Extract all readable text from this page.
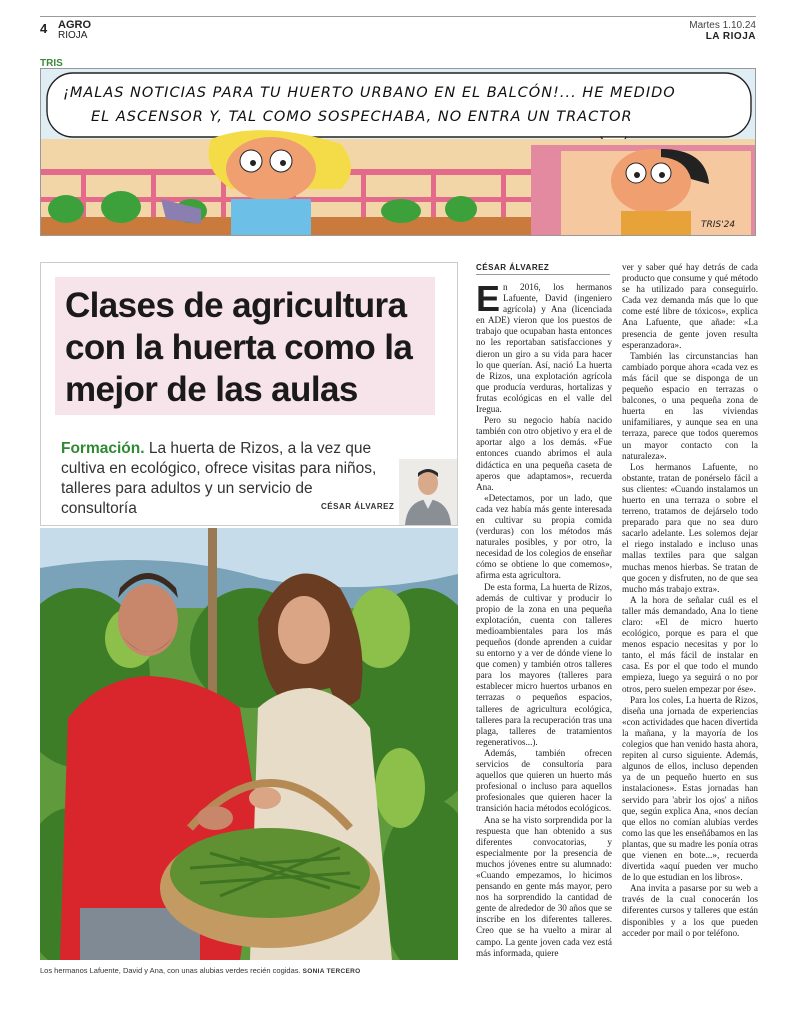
4 AGRO
RIOJA
Martes 1.10.24
LA RIOJA
TRIS
¡MALAS NOTICIAS PARA TU HUERTO URBANO EN EL BALCÓN!... HE MEDIDO
EL ASCENSOR Y, TAL COMO SOSPECHABA, NO ENTRA UN TRACTOR
TRIS'24
Clases de agricultura con la huerta como la mejor de las aulas

Formación. La huerta de Rizos, a la vez que cultiva en ecológico, ofrece visitas para niños, talleres para adultos y un servicio de consultoría	CÉSAR ÁLVAREZ

Los hermanos Lafuente, David y Ana, con unas alubias verdes recién cogidas. SONIA TERCERO

CÉSAR ÁLVAREZ

En 2016, los hermanos Lafuente, David (ingeniero agrícola) y Ana (licenciada en ADE) vieron que los puestos de trabajo que ocupaban hasta entonces no les reportaban satisfacciones y dieron un giro a su vida para hacer lo que querían. Así, nació La huerta de Rizos, una explotación agrícola que producía verduras, hortalizas y frutas ecológicas en el valle del Iregua.

Pero su negocio había nacido también con otro objetivo y era el de aportar algo a los demás. «Fue entonces cuando abrimos el aula didáctica en una pequeña caseta de aperos que adaptamos», recuerda Ana.

«Detectamos, por un lado, que cada vez había más gente interesada en cultivar su propia comida (verduras) con los métodos más naturales posibles, y por otro, la necesidad de los colegios de enseñar cómo se obtiene lo que comemos», afirma esta agricultora.

De esta forma, La huerta de Rizos, además de cultivar y producir lo propio de la zona en una pequeña explotación, cuenta con talleres medioambientales para los más pequeños (donde aprenden a cuidar su entorno y a ver de dónde viene lo que comen) y también otros talleres para los mayores (talleres para establecer micro huertos urbanos en terrazas o pequeños espacios, talleres de agricultura ecológica, talleres para la recuperación tras una plaga, talleres de tratamientos regenerativos...).

Además, también ofrecen servicios de consultoría para aquellos que quieren un huerto más profesional o incluso para aquellos profesionales que quieren hacer la transición hacia métodos ecológicos.

Ana se ha visto sorprendida por la respuesta que han obtenido a sus diferentes convocatorias, y especialmente por la presencia de muchos jóvenes entre su alumnado: «Cuando empezamos, lo hicimos pensando en gente más mayor, pero nos ha sorprendido la cantidad de gente de alrededor de 30 años que se inscribe en los diferentes talleres. Creo que se ha vuelto a mirar al campo. La gente joven cada vez está más informada, quiere

ver y saber qué hay detrás de cada producto que consume y qué método se ha utilizado para conseguirlo. Cada vez demanda más que lo que come esté libre de tóxicos», explica Ana Lafuente, que añade: «La presencia de gente joven resulta esperanzadora».

También las circunstancias han cambiado porque ahora «cada vez es más fácil que se disponga de un pequeño espacio en terrazas o balcones, o una pequeña zona de huerta en las viviendas unifamiliares, y aunque sea en una terraza, parece que todos queremos un mayor contacto con la naturaleza».

Los hermanos Lafuente, no obstante, tratan de ponérselo fácil a sus clientes: «Cuando instalamos un huerto en una terraza o sobre el terreno, tratamos de dejárselo todo preparado para que no sea duro sacarlo adelante. Les solemos dejar el riego instalado e incluso unas mallas textiles para que salgan muchas menos hierbas. Se tratan de que gocen y disfruten, no de que sea mucho más trabajo extra».

A la hora de señalar cuál es el taller más demandado, Ana lo tiene claro: «El de micro huerto ecológico, porque es para el que menos espacio necesitas y por lo tanto, el más fácil de instalar en casa. Es por el que todo el mundo empieza, luego ya seguirá o no por otros, pero suelen empezar por ése».

Para los coles, La huerta de Rizos, diseña una jornada de experiencias «con actividades que hacen divertida la mañana, y la mayoría de los colegios que han venido hasta ahora, repiten al curso siguiente. Además, algunos de ellos, incluso dependen ya de un pequeño huerto en sus instalaciones». Estas jornadas han servido para 'abrir los ojos' a niños que, según explica Ana, «nos decían que ellos no comían alubias verdes como las que les enseñábamos en las plantas, que su madre les ponía otras que vienen en bote...», recuerda divertida «aquí pueden ver mucho de lo que estudian en los libros».

Ana invita a pasarse por su web a través de la cual conocerán los diferentes cursos y talleres que están disponibles y a los que pueden acceder por mail o por teléfono.
